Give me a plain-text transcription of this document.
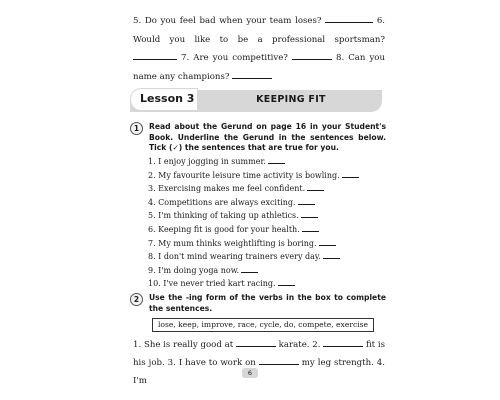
5. Do you feel bad when your team loses?	6. Would you like to be a professional sportsman?  7. Are you competitive?	8. Can you name any champions?
Lesson 3	KEEPING FIT
1	Read about the Gerund on page 16 in your Student's Book. Underline the Gerund in the sentences below. Tick (✓) the sentences that are true for you.
1. I enjoy jogging in summer.
2. My favourite leisure time activity is bowling.
3. Exercising makes me feel confident.
4. Competitions are always exciting.
5. I'm thinking of taking up athletics.
6. Keeping fit is good for your health.
7. My mum thinks weightlifting is boring.
8. I don't mind wearing trainers every day.
9. I'm doing yoga now.
10. I've never tried kart racing.
2	Use the -ing form of the verbs in the box to complete the sentences.
lose, keep, improve, race, cycle, do, compete, exercise
1. She is really good at	karate. 2.	fit is his job. 3. I have to work on	my leg strength. 4. I'm
6
